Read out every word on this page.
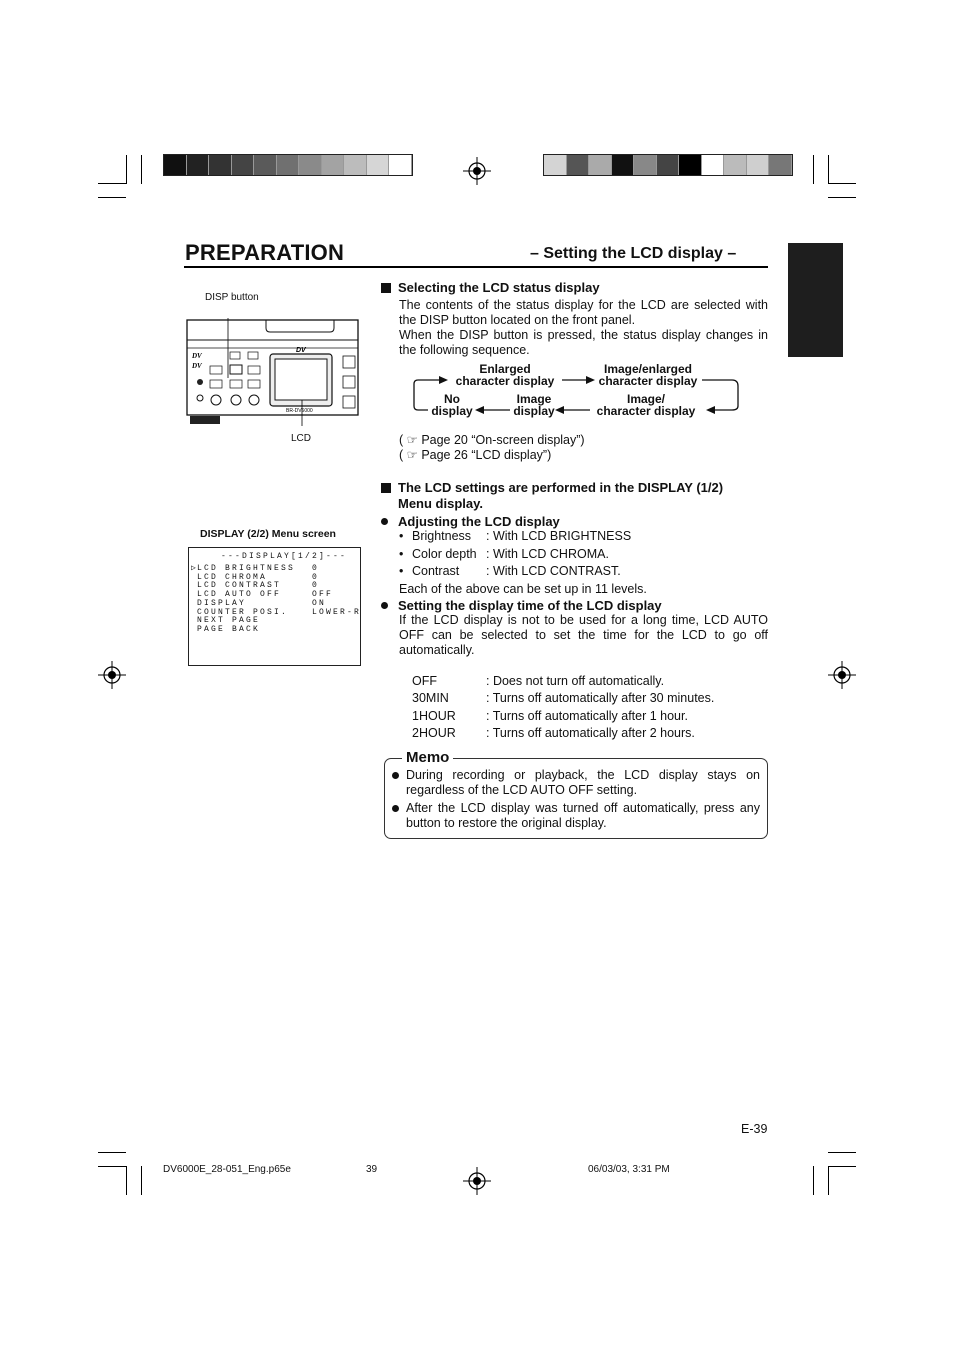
PREPARATION	– Setting the LCD display –
DISP button
DV
BR-DV6000
DV
DV
LCD
Selecting the LCD status display
The contents of the status display for the LCD are selected with the DISP button located on the front panel.
When the DISP button is pressed, the status display changes in the following sequence.
Enlarged
character display
Image/enlarged
character display
No
display
Image
display
Image/
character display
( ☞ Page 20 “On-screen display”)
( ☞ Page 26 “LCD display”)
The LCD settings are performed in the DISPLAY (1/2)
Menu display.
Adjusting the LCD display
• Brightness : With LCD BRIGHTNESS
• Color depth : With LCD CHROMA.
• Contrast : With LCD CONTRAST.
Each of the above can be set up in 11 levels.
Setting the display time of the LCD display
If the LCD display is not to be used for a long time, LCD AUTO OFF can be selected to set the time for the LCD to go off automatically.
OFF	: Does not turn off automatically.
30MIN	: Turns off automatically after 30 minutes.
1HOUR : Turns off automatically after 1 hour.
2HOUR : Turns off automatically after 2 hours.
DISPLAY (2/2) Menu screen
---DISPLAY[1/2]---
▷ LCD BRIGHTNESS 0
LCD CHROMA	0
LCD CONTRAST	0
LCD AUTO OFF	OFF
DISPLAY	ON
COUNTER POSI.	LOWER-R
NEXT PAGE
PAGE BACK
Memo
During recording or playback, the LCD display stays on regardless of the LCD AUTO OFF setting.
After the LCD display was turned off automatically, press any button to restore the original display.
E-39
DV6000E_28-051_Eng.p65e	39	06/03/03, 3:31 PM
